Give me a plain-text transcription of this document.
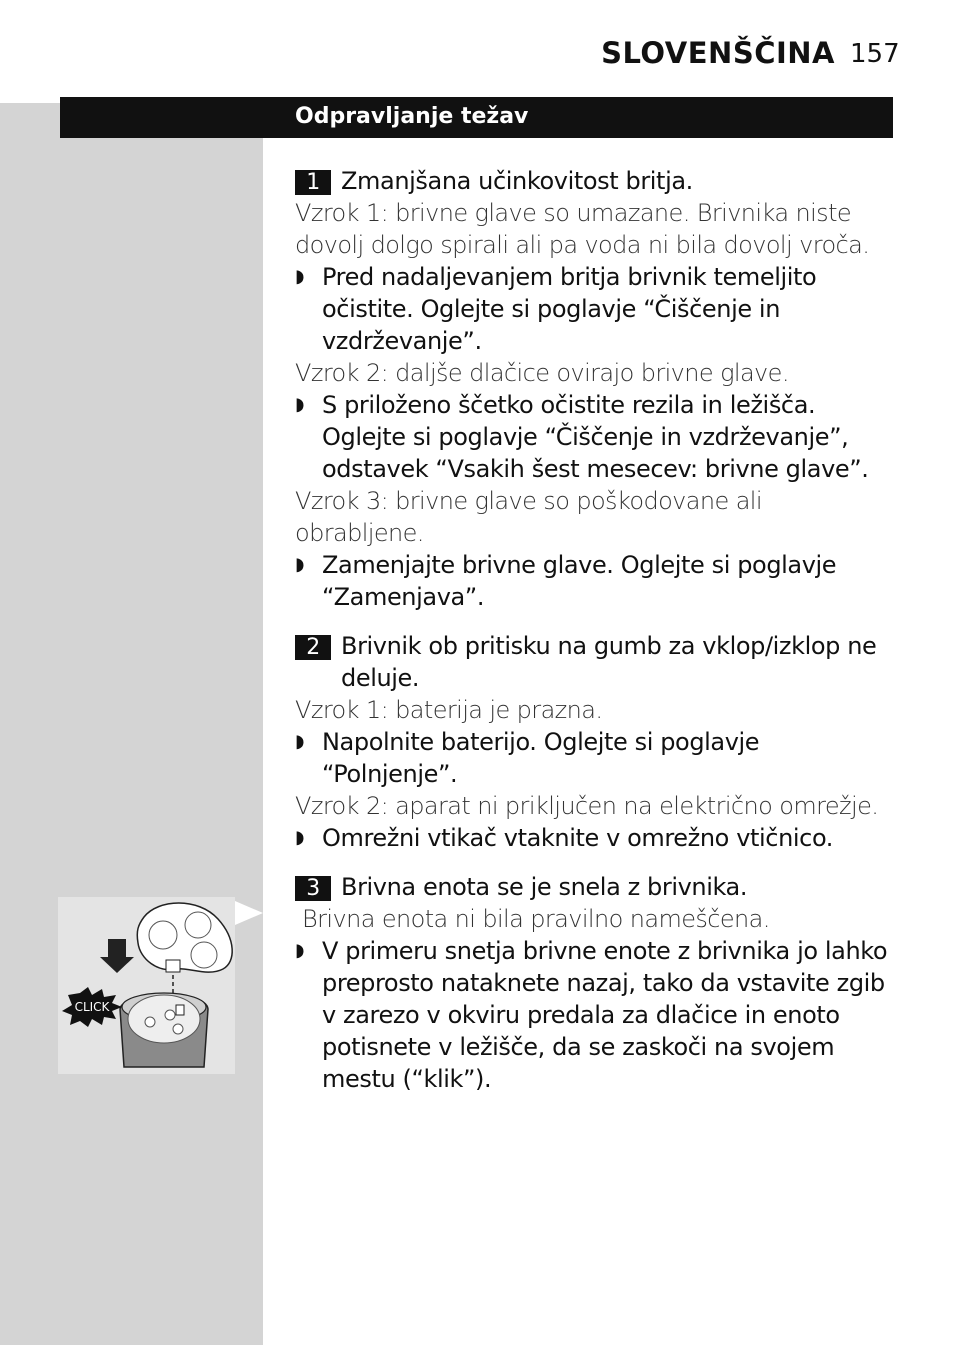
SLOVENŠČINA 157
Odpravljanje težav
1 Zmanjšana učinkovitost britja.
Vzrok 1: brivne glave so umazane. Brivnika niste dovolj dolgo spirali ali pa voda ni bila dovolj vroča.
◗ Pred nadaljevanjem britja brivnik temeljito očistite. Oglejte si poglavje “Čiščenje in vzdrževanje”.
Vzrok 2: daljše dlačice ovirajo brivne glave.
◗ S priloženo ščetko očistite rezila in ležišča. Oglejte si poglavje “Čiščenje in vzdrževanje”, odstavek “Vsakih šest mesecev: brivne glave”.
Vzrok 3: brivne glave so poškodovane ali obrabljene.
◗ Zamenjajte brivne glave. Oglejte si poglavje “Zamenjava”.
2 Brivnik ob pritisku na gumb za vklop/izklop ne deluje.
Vzrok 1: baterija je prazna.
◗ Napolnite baterijo. Oglejte si poglavje “Polnjenje”.
Vzrok 2: aparat ni priključen na električno omrežje.
◗ Omrežni vtikač vtaknite v omrežno vtičnico.
3 Brivna enota se je snela z brivnika.
Brivna enota ni bila pravilno nameščena.
◗ V primeru snetja brivne enote z brivnika jo lahko preprosto nataknete nazaj, tako da vstavite zgib v zarezo v okviru predala za dlačice in enoto potisnete v ležišče, da se zaskoči na svojem mestu (“klik”).
CLICK
